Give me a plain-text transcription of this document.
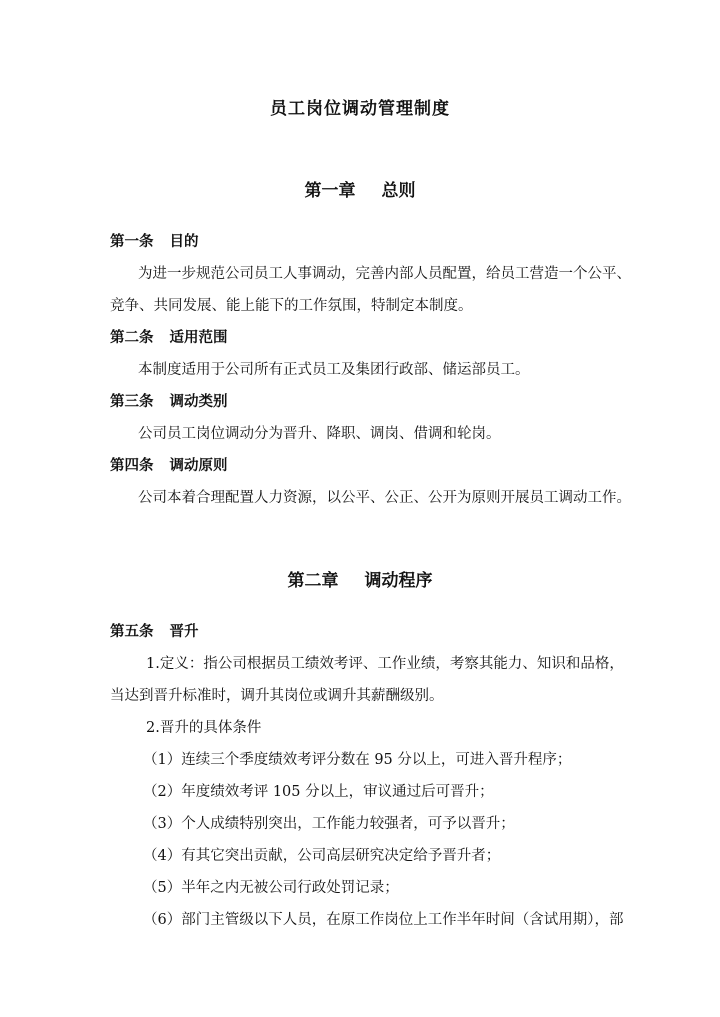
员工岗位调动管理制度
第一章 总则
第一条 目的
为进一步规范公司员工人事调动，完善内部人员配置，给员工营造一个公平、
竞争、共同发展、能上能下的工作氛围，特制定本制度。
第二条 适用范围
本制度适用于公司所有正式员工及集团行政部、储运部员工。
第三条 调动类别
公司员工岗位调动分为晋升、降职、调岗、借调和轮岗。
第四条 调动原则
公司本着合理配置人力资源，以公平、公正、公开为原则开展员工调动工作。
第二章 调动程序
第五条 晋升
1.定义：指公司根据员工绩效考评、工作业绩，考察其能力、知识和品格，
当达到晋升标准时，调升其岗位或调升其薪酬级别。
2.晋升的具体条件
（1）连续三个季度绩效考评分数在 95 分以上，可进入晋升程序；
（2）年度绩效考评 105 分以上，审议通过后可晋升；
（3）个人成绩特别突出，工作能力较强者，可予以晋升；
（4）有其它突出贡献，公司高层研究决定给予晋升者；
（5）半年之内无被公司行政处罚记录；
（6）部门主管级以下人员，在原工作岗位上工作半年时间（含试用期），部
